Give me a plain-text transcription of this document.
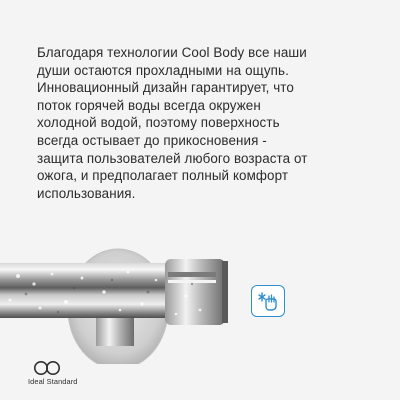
Благодаря технологии Cool Body все наши
души остаются прохладными на ощупь.
Инновационный дизайн гарантирует, что
поток горячей воды всегда окружен
холодной водой, поэтому поверхность
всегда остывает до прикосновения -
защита пользователей любого возраста от
ожога, и предполагает полный комфорт
использования.
Ideal Standard
